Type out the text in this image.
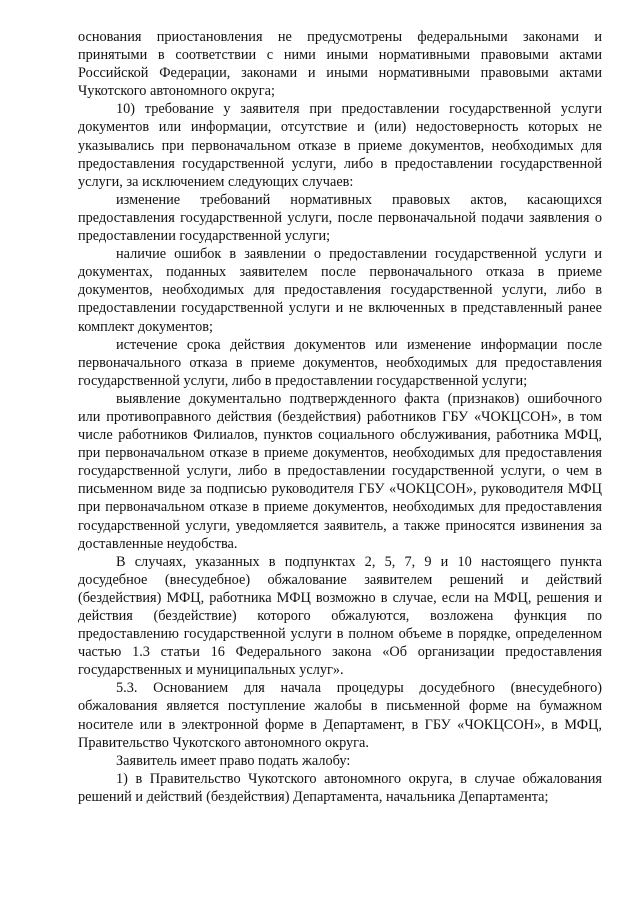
основания приостановления не предусмотрены федеральными законами и принятыми в соответствии с ними иными нормативными правовыми актами Российской Федерации, законами и иными нормативными правовыми актами Чукотского автономного округа;

10) требование у заявителя при предоставлении государственной услуги документов или информации, отсутствие и (или) недостоверность которых не указывались при первоначальном отказе в приеме документов, необходимых для предоставления государственной услуги, либо в предоставлении государственной услуги, за исключением следующих случаев:

изменение требований нормативных правовых актов, касающихся предоставления государственной услуги, после первоначальной подачи заявления о предоставлении государственной услуги;

наличие ошибок в заявлении о предоставлении государственной услуги и документах, поданных заявителем после первоначального отказа в приеме документов, необходимых для предоставления государственной услуги, либо в предоставлении государственной услуги и не включенных в представленный ранее комплект документов;

истечение срока действия документов или изменение информации после первоначального отказа в приеме документов, необходимых для предоставления государственной услуги, либо в предоставлении государственной услуги;

выявление документально подтвержденного факта (признаков) ошибочного или противоправного действия (бездействия) работников ГБУ «ЧОКЦСОН», в том числе работников Филиалов, пунктов социального обслуживания, работника МФЦ, при первоначальном отказе в приеме документов, необходимых для предоставления государственной услуги, либо в предоставлении государственной услуги, о чем в письменном виде за подписью руководителя ГБУ «ЧОКЦСОН», руководителя МФЦ при первоначальном отказе в приеме документов, необходимых для предоставления государственной услуги, уведомляется заявитель, а также приносятся извинения за доставленные неудобства.

В случаях, указанных в подпунктах 2, 5, 7, 9 и 10 настоящего пункта досудебное (внесудебное) обжалование заявителем решений и действий (бездействия) МФЦ, работника МФЦ возможно в случае, если на МФЦ, решения и действия (бездействие) которого обжалуются, возложена функция по предоставлению государственной услуги в полном объеме в порядке, определенном частью 1.3 статьи 16 Федерального закона «Об организации предоставления государственных и муниципальных услуг».

5.3. Основанием для начала процедуры досудебного (внесудебного) обжалования является поступление жалобы в письменной форме на бумажном носителе или в электронной форме в Департамент, в ГБУ «ЧОКЦСОН», в МФЦ, Правительство Чукотского автономного округа.

Заявитель имеет право подать жалобу:

1) в Правительство Чукотского автономного округа, в случае обжалования решений и действий (бездействия) Департамента, начальника Департамента;
